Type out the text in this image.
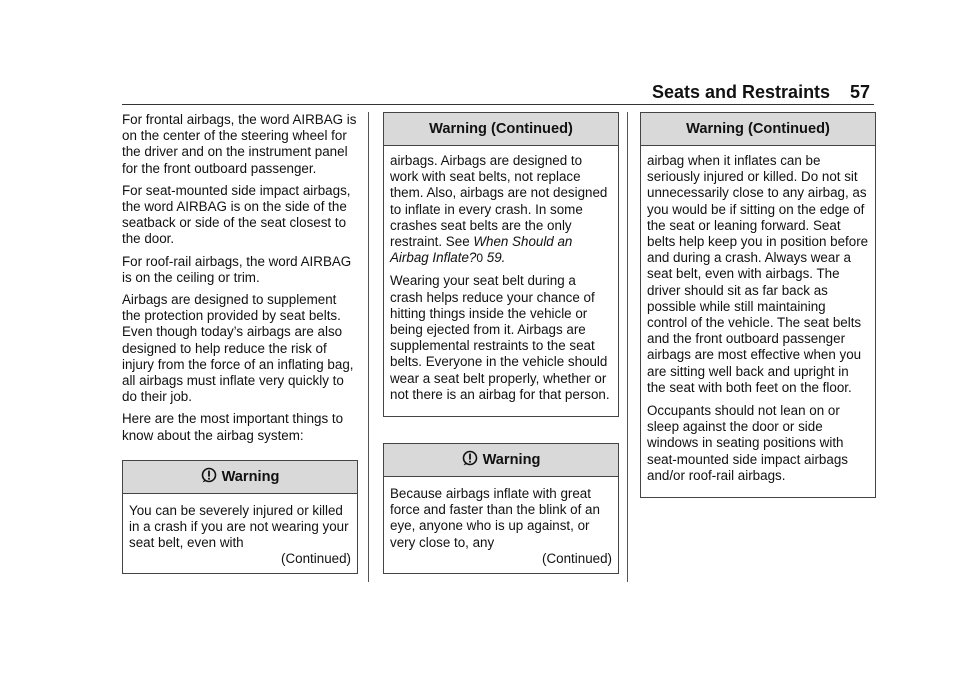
Seats and Restraints 57

For frontal airbags, the word AIRBAG is on the center of the steering wheel for the driver and on the instrument panel for the front outboard passenger.

For seat-mounted side impact airbags, the word AIRBAG is on the side of the seatback or side of the seat closest to the door.

For roof-rail airbags, the word AIRBAG is on the ceiling or trim.

Airbags are designed to supplement the protection provided by seat belts. Even though today’s airbags are also designed to help reduce the risk of injury from the force of an inflating bag, all airbags must inflate very quickly to do their job.

Here are the most important things to know about the airbag system:

Warning

You can be severely injured or killed in a crash if you are not wearing your seat belt, even with

(Continued)
Warning (Continued)

airbags. Airbags are designed to work with seat belts, not replace them. Also, airbags are not designed to inflate in every crash. In some crashes seat belts are the only restraint. See When Should an Airbag Inflate?0 59.

Wearing your seat belt during a crash helps reduce your chance of hitting things inside the vehicle or being ejected from it. Airbags are supplemental restraints to the seat belts. Everyone in the vehicle should wear a seat belt properly, whether or not there is an airbag for that person.

Warning

Because airbags inflate with great force and faster than the blink of an eye, anyone who is up against, or very close to, any

(Continued)
Warning (Continued)

airbag when it inflates can be seriously injured or killed. Do not sit unnecessarily close to any airbag, as you would be if sitting on the edge of the seat or leaning forward. Seat belts help keep you in position before and during a crash. Always wear a seat belt, even with airbags. The driver should sit as far back as possible while still maintaining control of the vehicle. The seat belts and the front outboard passenger airbags are most effective when you are sitting well back and upright in the seat with both feet on the floor.

Occupants should not lean on or sleep against the door or side windows in seating positions with seat-mounted side impact airbags and/or roof-rail airbags.
